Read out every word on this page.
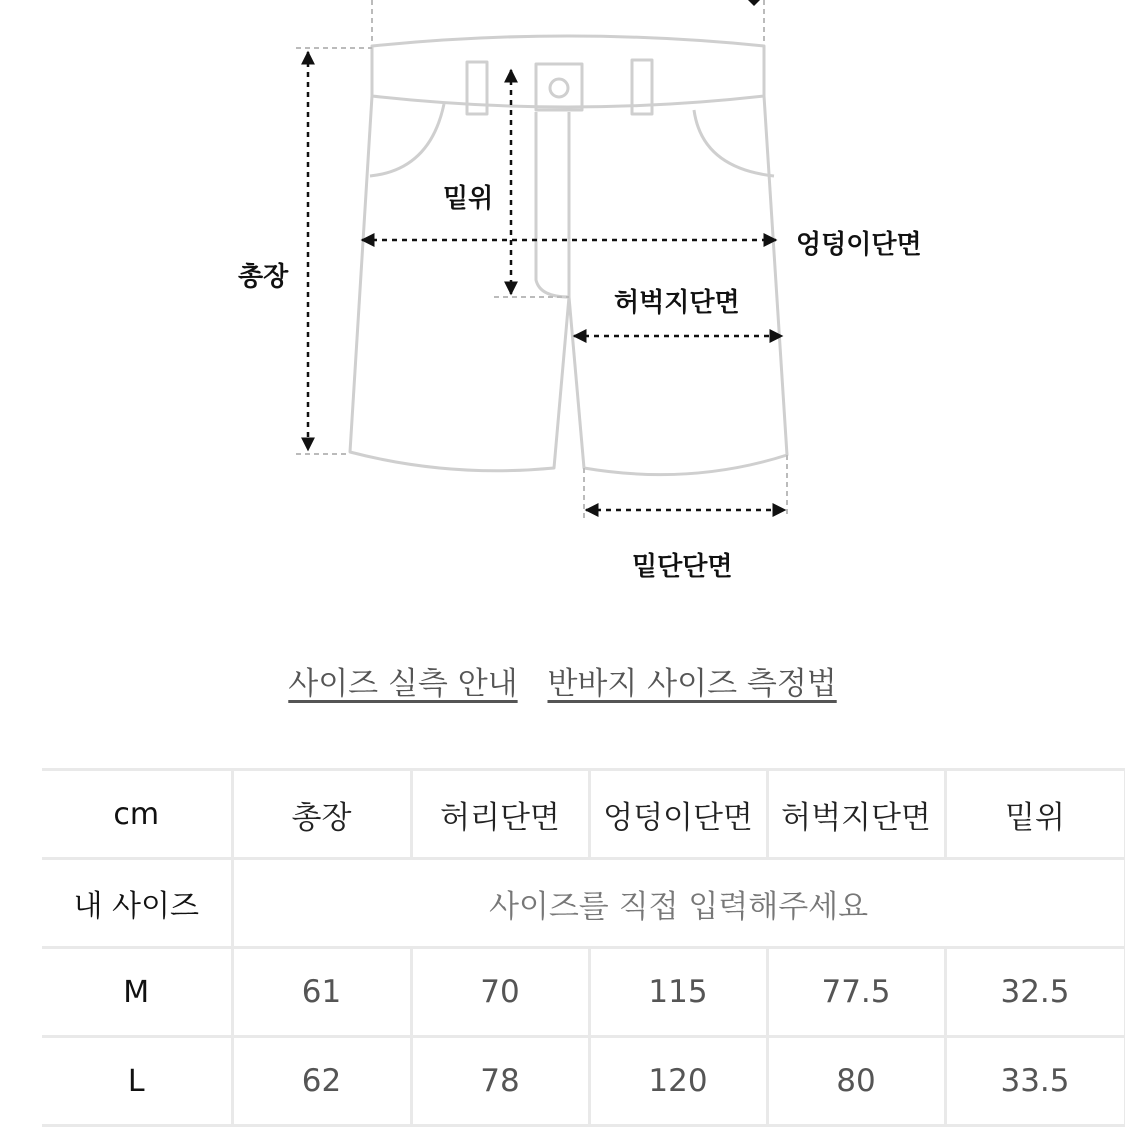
총장
밑위
엉덩이단면
허벅지단면
밑단단면
사이즈 실측 안내 반바지 사이즈 측정법
cm	총장	허리단면	엉덩이단면	허벅지단면	밑위
내 사이즈	사이즈를 직접 입력해주세요				
M	61	70	115	77.5	32.5
L	62	78	120	80	33.5
